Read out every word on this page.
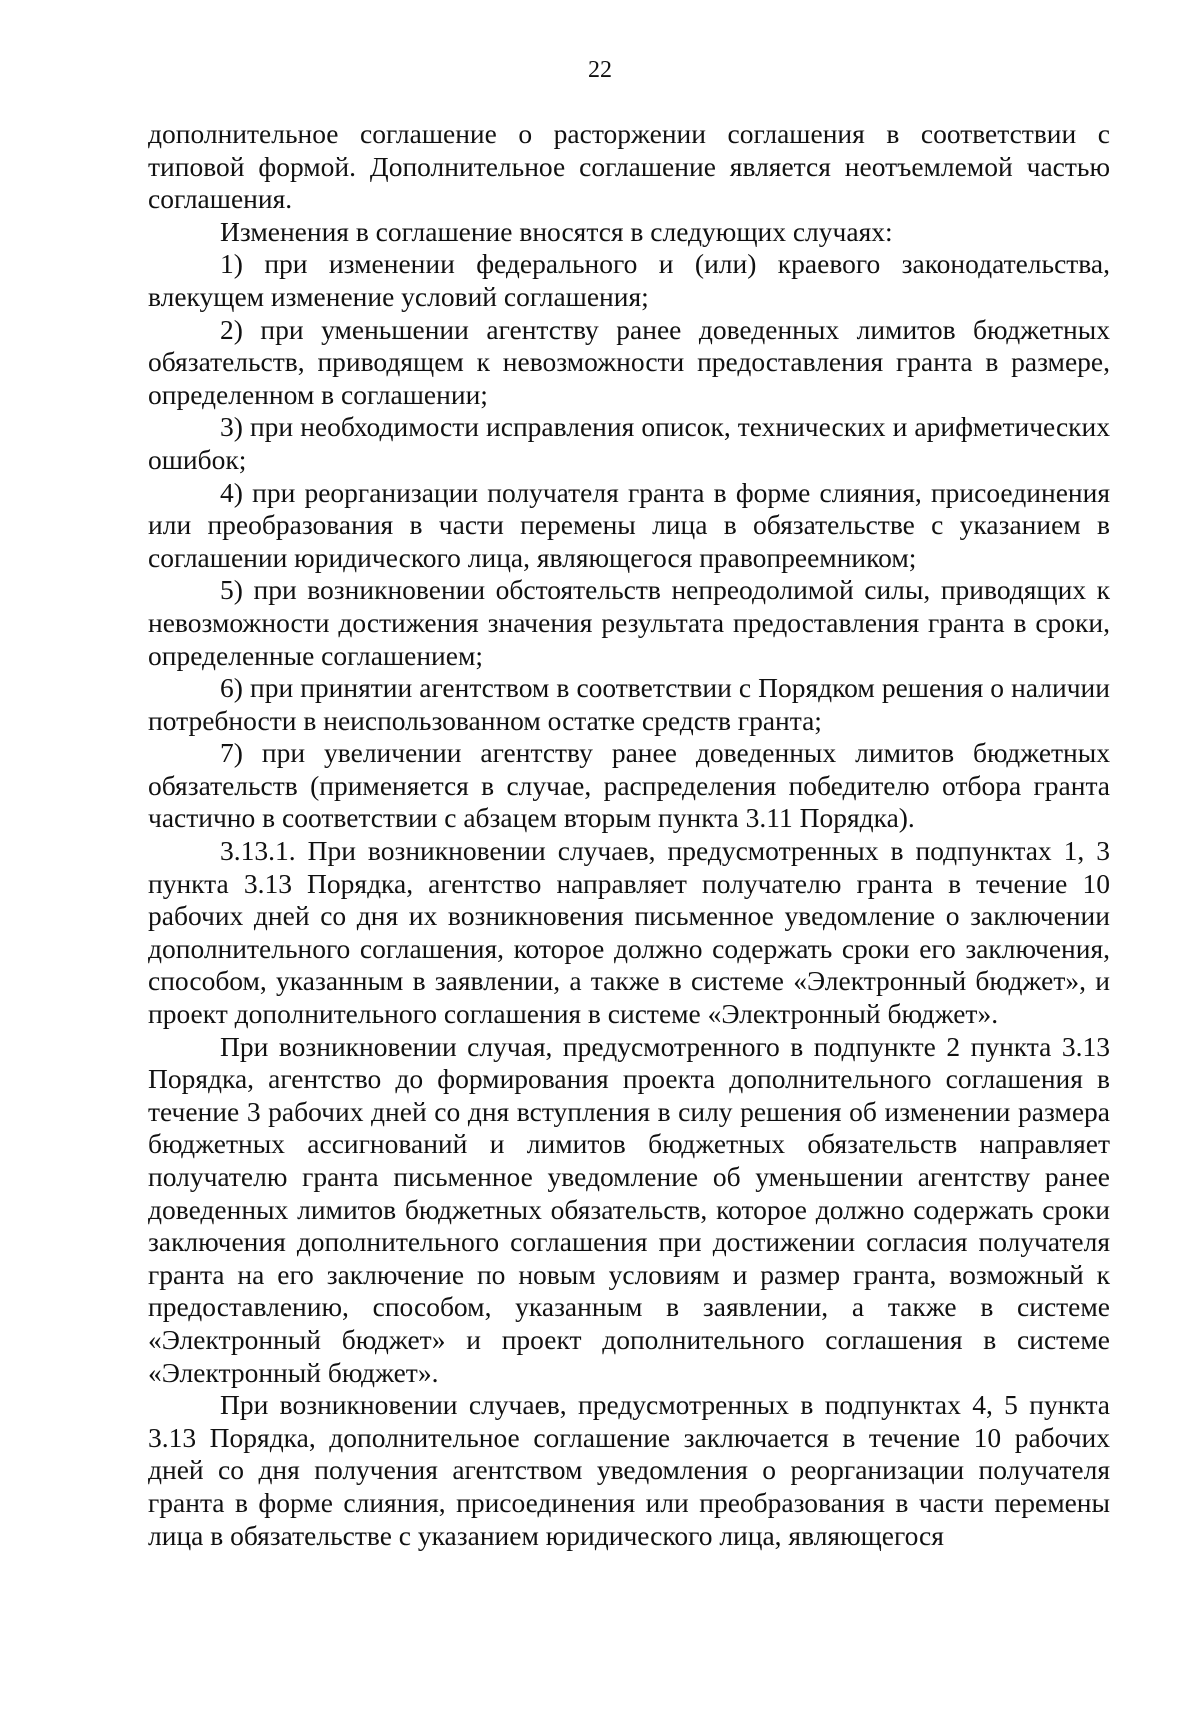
22

дополнительное соглашение о расторжении соглашения в соответствии с типовой формой. Дополнительное соглашение является неотъемлемой частью соглашения.

Изменения в соглашение вносятся в следующих случаях:

1) при изменении федерального и (или) краевого законодательства, влекущем изменение условий соглашения;

2) при уменьшении агентству ранее доведенных лимитов бюджетных обязательств, приводящем к невозможности предоставления гранта в размере, определенном в соглашении;

3) при необходимости исправления описок, технических и арифметических ошибок;

4) при реорганизации получателя гранта в форме слияния, присоединения или преобразования в части перемены лица в обязательстве с указанием в соглашении юридического лица, являющегося правопреемником;

5) при возникновении обстоятельств непреодолимой силы, приводящих к невозможности достижения значения результата предоставления гранта в сроки, определенные соглашением;

6) при принятии агентством в соответствии с Порядком решения о наличии потребности в неиспользованном остатке средств гранта;

7) при увеличении агентству ранее доведенных лимитов бюджетных обязательств (применяется в случае, распределения победителю отбора гранта частично в соответствии с абзацем вторым пункта 3.11 Порядка).

3.13.1. При возникновении случаев, предусмотренных в подпунктах 1, 3 пункта 3.13 Порядка, агентство направляет получателю гранта в течение 10 рабочих дней со дня их возникновения письменное уведомление о заключении дополнительного соглашения, которое должно содержать сроки его заключения, способом, указанным в заявлении, а также в системе «Электронный бюджет», и проект дополнительного соглашения в системе «Электронный бюджет».

При возникновении случая, предусмотренного в подпункте 2 пункта 3.13 Порядка, агентство до формирования проекта дополнительного соглашения в течение 3 рабочих дней со дня вступления в силу решения об изменении размера бюджетных ассигнований и лимитов бюджетных обязательств направляет получателю гранта письменное уведомление об уменьшении агентству ранее доведенных лимитов бюджетных обязательств, которое должно содержать сроки заключения дополнительного соглашения при достижении согласия получателя гранта на его заключение по новым условиям и размер гранта, возможный к предоставлению, способом, указанным в заявлении, а также в системе «Электронный бюджет» и проект дополнительного соглашения в системе «Электронный бюджет».

При возникновении случаев, предусмотренных в подпунктах 4, 5 пункта 3.13 Порядка, дополнительное соглашение заключается в течение 10 рабочих дней со дня получения агентством уведомления о реорганизации получателя гранта в форме слияния, присоединения или преобразования в части перемены лица в обязательстве с указанием юридического лица, являющегося
